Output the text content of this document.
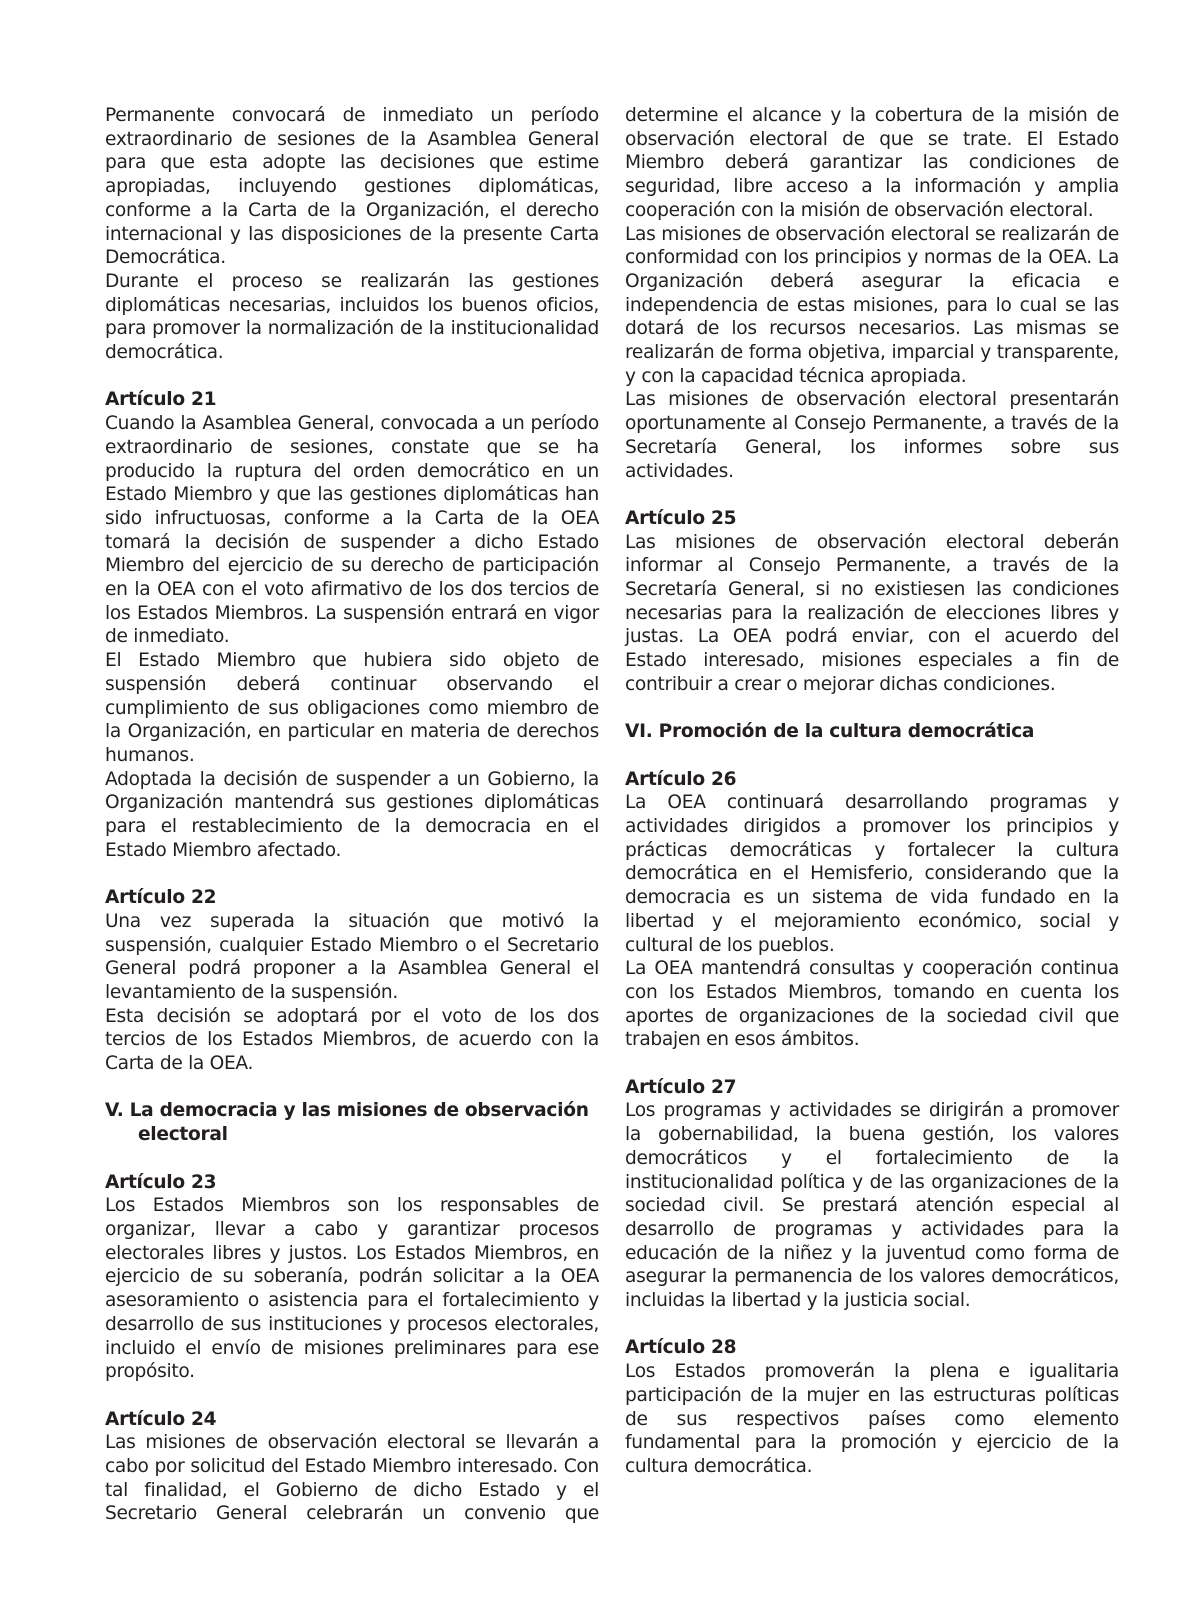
Permanente convocará de inmediato un período extraordinario de sesiones de la Asamblea General para que esta adopte las decisiones que estime apropiadas, incluyendo gestiones diplomáticas, conforme a la Carta de la Organización, el derecho internacional y las disposiciones de la presente Carta Democrática.

Durante el proceso se realizarán las gestiones diplomáticas necesarias, incluidos los buenos oficios, para promover la normalización de la institucionalidad democrática.

Artículo 21

Cuando la Asamblea General, convocada a un período extraordinario de sesiones, constate que se ha producido la ruptura del orden democrático en un Estado Miembro y que las gestiones diplomáticas han sido infructuosas, conforme a la Carta de la OEA tomará la decisión de suspender a dicho Estado Miembro del ejercicio de su derecho de participación en la OEA con el voto afirmativo de los dos tercios de los Estados Miembros. La suspensión entrará en vigor de inmediato.

El Estado Miembro que hubiera sido objeto de suspensión deberá continuar observando el cumplimiento de sus obligaciones como miembro de la Organización, en particular en materia de derechos humanos.

Adoptada la decisión de suspender a un Gobierno, la Organización mantendrá sus gestiones diplomáticas para el restablecimiento de la democracia en el Estado Miembro afectado.

Artículo 22

Una vez superada la situación que motivó la suspensión, cualquier Estado Miembro o el Secretario General podrá proponer a la Asamblea General el levantamiento de la suspensión.

Esta decisión se adoptará por el voto de los dos tercios de los Estados Miembros, de acuerdo con la Carta de la OEA.

V. La democracia y las misiones de observación electoral
Artículo 23

Los Estados Miembros son los responsables de organizar, llevar a cabo y garantizar procesos electorales libres y justos. Los Estados Miembros, en ejercicio de su soberanía, podrán solicitar a la OEA asesoramiento o asistencia para el fortalecimiento y desarrollo de sus instituciones y procesos electorales, incluido el envío de misiones preliminares para ese propósito.

Artículo 24

Las misiones de observación electoral se llevarán a cabo por solicitud del Estado Miembro interesado. Con tal finalidad, el Gobierno de dicho Estado y el Secretario General celebrarán un convenio que

determine el alcance y la cobertura de la misión de observación electoral de que se trate. El Estado Miembro deberá garantizar las condiciones de seguridad, libre acceso a la información y amplia cooperación con la misión de observación electoral.

Las misiones de observación electoral se realizarán de conformidad con los principios y normas de la OEA. La Organización deberá asegurar la eficacia e independencia de estas misiones, para lo cual se las dotará de los recursos necesarios. Las mismas se realizarán de forma objetiva, imparcial y transparente, y con la capacidad técnica apropiada.

Las misiones de observación electoral presentarán oportunamente al Consejo Permanente, a través de la Secretaría General, los informes sobre sus actividades.

Artículo 25

Las misiones de observación electoral deberán informar al Consejo Permanente, a través de la Secretaría General, si no existiesen las condiciones necesarias para la realización de elecciones libres y justas. La OEA podrá enviar, con el acuerdo del Estado interesado, misiones especiales a fin de contribuir a crear o mejorar dichas condiciones.

VI. Promoción de la cultura democrática
Artículo 26

La OEA continuará desarrollando programas y actividades dirigidos a promover los principios y prácticas democráticas y fortalecer la cultura democrática en el Hemisferio, considerando que la democracia es un sistema de vida fundado en la libertad y el mejoramiento económico, social y cultural de los pueblos.

La OEA mantendrá consultas y cooperación continua con los Estados Miembros, tomando en cuenta los aportes de organizaciones de la sociedad civil que trabajen en esos ámbitos.

Artículo 27

Los programas y actividades se dirigirán a promover la gobernabilidad, la buena gestión, los valores democráticos y el fortalecimiento de la institucionalidad política y de las organizaciones de la sociedad civil. Se prestará atención especial al desarrollo de programas y actividades para la educación de la niñez y la juventud como forma de asegurar la permanencia de los valores democráticos, incluidas la libertad y la justicia social.

Artículo 28

Los Estados promoverán la plena e igualitaria participación de la mujer en las estructuras políticas de sus respectivos países como elemento fundamental para la promoción y ejercicio de la cultura democrática.
